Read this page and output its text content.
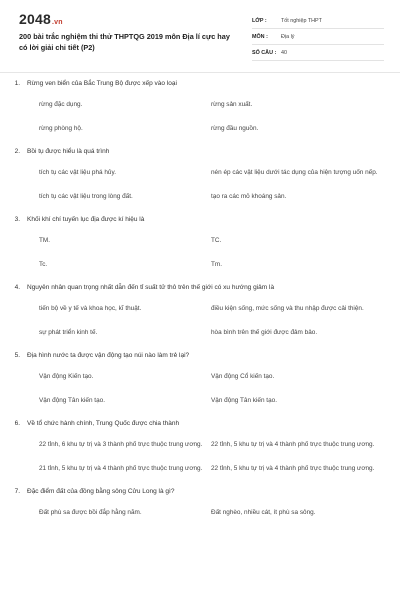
2048.vn
200 bài trắc nghiệm thi thử THPTQG 2019 môn Địa lí cực hay có lời giải chi tiết (P2)
LỚP :	Tốt nghiệp THPT
MÔN :	Địa lý
SỐ CÂU : 40
1.	Rừng ven biển của Bắc Trung Bộ được xếp vào loại
rừng đặc dụng.	rừng sản xuất.
rừng phòng hộ.	rừng đầu nguồn.
2.	Bồi tụ được hiểu là quá trình
tích tụ các vật liệu phá hủy.	nén ép các vật liệu dưới tác dụng của hiện tượng uốn nếp.
tích tụ các vật liệu trong lòng đất.	tạo ra các mỏ khoáng sản.
3.	Khối khí chí tuyến lục địa được kí hiệu là
TM.	TC.
Tc.	Tm.
4.	Nguyên nhân quan trọng nhất dẫn đến tỉ suất tử thô trên thế giới có xu hướng giảm là
tiến bộ về y tế và khoa học, kĩ thuật.	điều kiện sống, mức sống và thu nhập được cải thiện.
sự phát triển kinh tế.	hòa bình trên thế giới được đảm bảo.
5.	Địa hình nước ta được vận động tạo núi nào làm trẻ lại?
Vận động Kiến tạo.	Vận động Cổ kiến tạo.
Vận động Tân kiến tạo.	Vận động Tân kiến tạo.
6.	Về tổ chức hành chính, Trung Quốc được chia thành
22 tỉnh, 6 khu tự trị và 3 thành phố trực thuộc trung ương.	22 tỉnh, 5 khu tự trị và 4 thành phố trực thuộc trung ương.
21 tỉnh, 5 khu tự trị và 4 thành phố trực thuộc trung ương.	22 tỉnh, 5 khu tự trị và 4 thành phố trực thuộc trung ương.
7.	Đặc điểm đất của đồng bằng sông Cửu Long là gì?
Đất phù sa được bồi đắp hằng năm.	Đất nghèo, nhiều cát, ít phù sa sông.
